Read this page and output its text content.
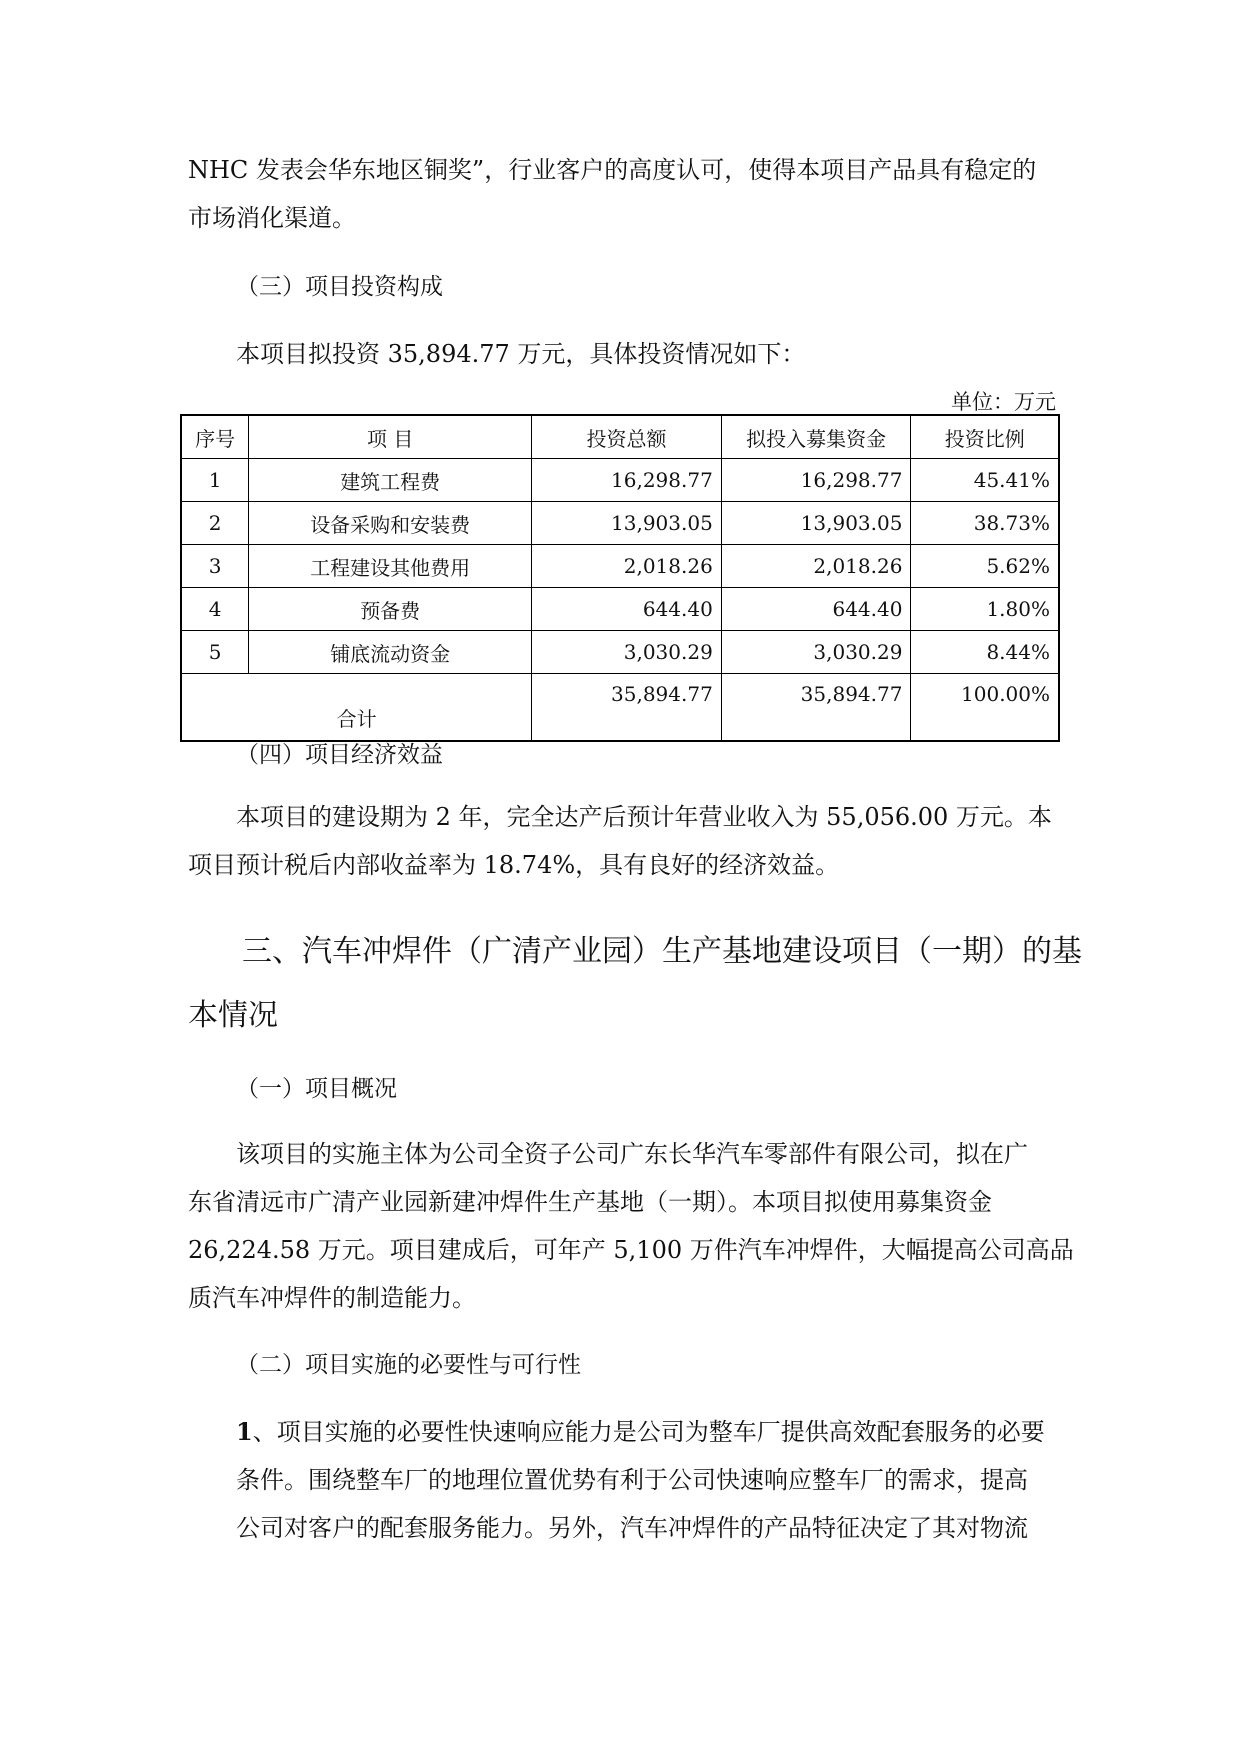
NHC 发表会华东地区铜奖”，行业客户的高度认可，使得本项目产品具有稳定的
市场消化渠道。
（三）项目投资构成
本项目拟投资 35,894.77 万元，具体投资情况如下：
单位：万元
序号	项 目	投资总额	拟投入募集资金	投资比例
1	建筑工程费	16,298.77	16,298.77	45.41%
2	设备采购和安装费	13,903.05	13,903.05	38.73%
3	工程建设其他费用	2,018.26	2,018.26	5.62%
4	预备费	644.40	644.40	1.80%
5	铺底流动资金	3,030.29	3,030.29	8.44%
合计		35,894.77	35,894.77	100.00%
（四）项目经济效益
本项目的建设期为 2 年，完全达产后预计年营业收入为 55,056.00 万元。本
项目预计税后内部收益率为 18.74%，具有良好的经济效益。
三、汽车冲焊件（广清产业园）生产基地建设项目（一期）的基
本情况
（一）项目概况
该项目的实施主体为公司全资子公司广东长华汽车零部件有限公司，拟在广
东省清远市广清产业园新建冲焊件生产基地（一期）。本项目拟使用募集资金
26,224.58 万元。项目建成后，可年产 5,100 万件汽车冲焊件，大幅提高公司高品
质汽车冲焊件的制造能力。
（二）项目实施的必要性与可行性
1、项目实施的必要性快速响应能力是公司为整车厂提供高效配套服务的必要
条件。围绕整车厂的地理位置优势有利于公司快速响应整车厂的需求，提高
公司对客户的配套服务能力。另外，汽车冲焊件的产品特征决定了其对物流
